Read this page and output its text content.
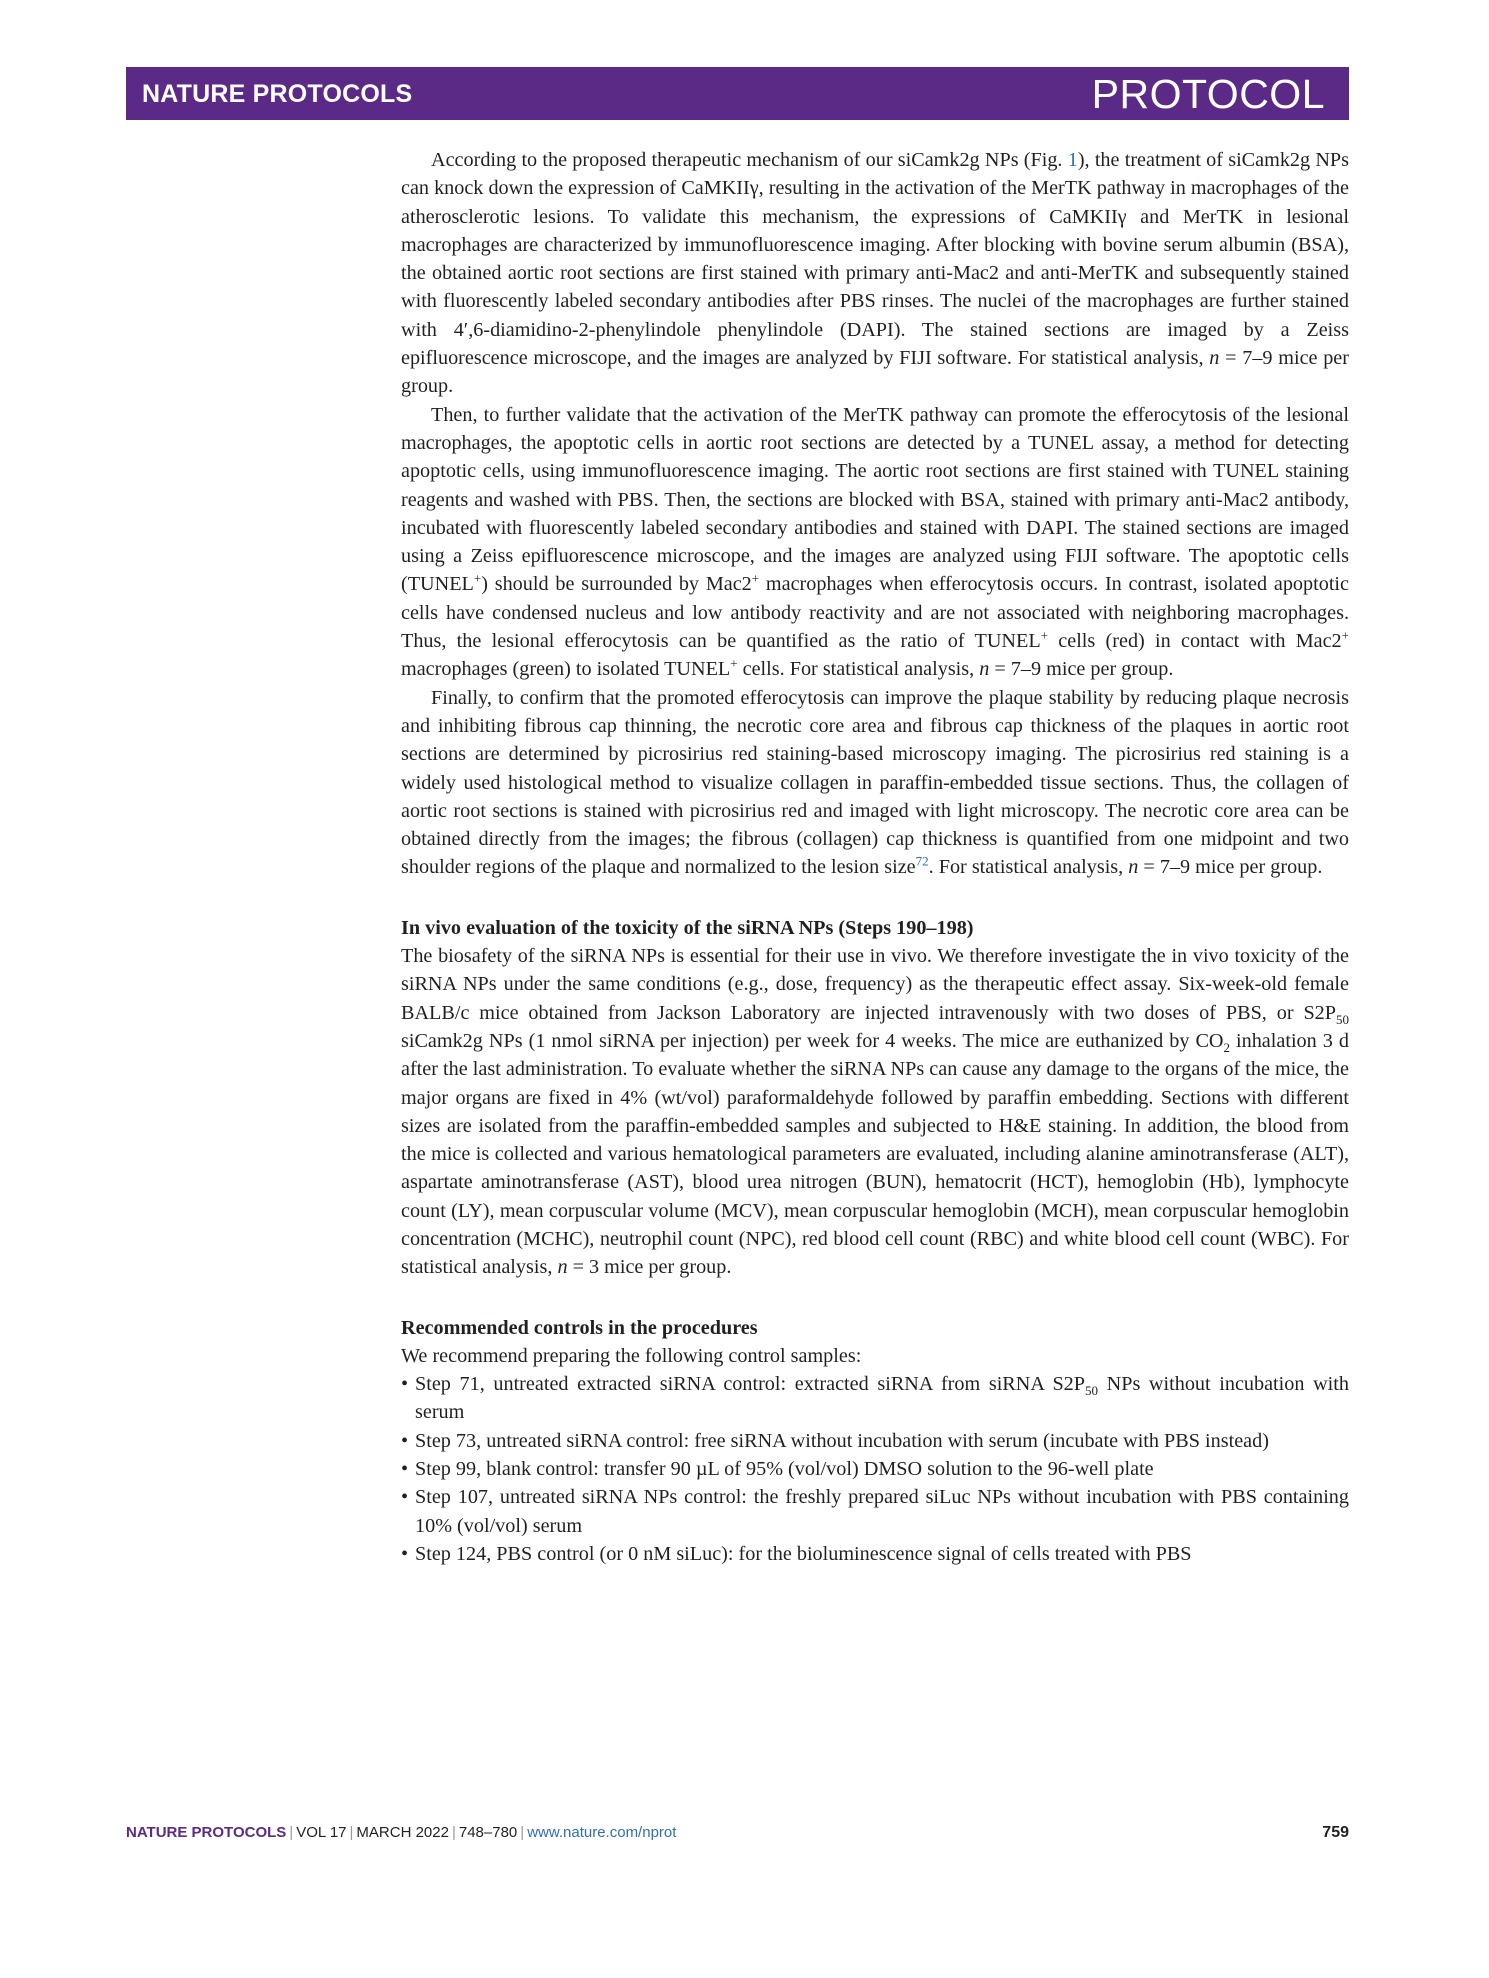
NATURE PROTOCOLS	PROTOCOL

According to the proposed therapeutic mechanism of our siCamk2g NPs (Fig. 1), the treatment of siCamk2g NPs can knock down the expression of CaMKIIγ, resulting in the activation of the MerTK pathway in macrophages of the atherosclerotic lesions. To validate this mechanism, the expressions of CaMKIIγ and MerTK in lesional macrophages are characterized by immunofluorescence imaging. After blocking with bovine serum albumin (BSA), the obtained aortic root sections are first stained with primary anti-Mac2 and anti-MerTK and subsequently stained with fluorescently labeled secondary antibodies after PBS rinses. The nuclei of the macrophages are further stained with 4′,6-diamidino-2-phenylindole phenylindole (DAPI). The stained sections are imaged by a Zeiss epifluorescence microscope, and the images are analyzed by FIJI software. For statistical analysis, n = 7–9 mice per group.

Then, to further validate that the activation of the MerTK pathway can promote the efferocytosis of the lesional macrophages, the apoptotic cells in aortic root sections are detected by a TUNEL assay, a method for detecting apoptotic cells, using immunofluorescence imaging. The aortic root sections are first stained with TUNEL staining reagents and washed with PBS. Then, the sections are blocked with BSA, stained with primary anti-Mac2 antibody, incubated with fluorescently labeled secondary antibodies and stained with DAPI. The stained sections are imaged using a Zeiss epifluorescence microscope, and the images are analyzed using FIJI software. The apoptotic cells (TUNEL+) should be surrounded by Mac2+ macrophages when efferocytosis occurs. In contrast, isolated apoptotic cells have condensed nucleus and low antibody reactivity and are not associated with neighboring macrophages. Thus, the lesional efferocytosis can be quantified as the ratio of TUNEL+ cells (red) in contact with Mac2+ macrophages (green) to isolated TUNEL+ cells. For statistical analysis, n = 7–9 mice per group.

Finally, to confirm that the promoted efferocytosis can improve the plaque stability by reducing plaque necrosis and inhibiting fibrous cap thinning, the necrotic core area and fibrous cap thickness of the plaques in aortic root sections are determined by picrosirius red staining-based microscopy imaging. The picrosirius red staining is a widely used histological method to visualize collagen in paraffin-embedded tissue sections. Thus, the collagen of aortic root sections is stained with picrosirius red and imaged with light microscopy. The necrotic core area can be obtained directly from the images; the fibrous (collagen) cap thickness is quantified from one midpoint and two shoulder regions of the plaque and normalized to the lesion size$^{72}$. For statistical analysis, n = 7–9 mice per group.

In vivo evaluation of the toxicity of the siRNA NPs (Steps 190–198)

The biosafety of the siRNA NPs is essential for their use in vivo. We therefore investigate the in vivo toxicity of the siRNA NPs under the same conditions (e.g., dose, frequency) as the therapeutic effect assay. Six-week-old female BALB/c mice obtained from Jackson Laboratory are injected intravenously with two doses of PBS, or $S2P_{50}$ siCamk2g NPs (1 nmol siRNA per injection) per week for 4 weeks. The mice are euthanized by $CO_2$ inhalation 3 d after the last administration. To evaluate whether the siRNA NPs can cause any damage to the organs of the mice, the major organs are fixed in 4% (wt/vol) paraformaldehyde followed by paraffin embedding. Sections with different sizes are isolated from the paraffin-embedded samples and subjected to H&E staining. In addition, the blood from the mice is collected and various hematological parameters are evaluated, including alanine aminotransferase (ALT), aspartate aminotransferase (AST), blood urea nitrogen (BUN), hematocrit (HCT), hemoglobin (Hb), lymphocyte count (LY), mean corpuscular volume (MCV), mean corpuscular hemoglobin (MCH), mean corpuscular hemoglobin concentration (MCHC), neutrophil count (NPC), red blood cell count (RBC) and white blood cell count (WBC). For statistical analysis, n = 3 mice per group.

Recommended controls in the procedures

We recommend preparing the following control samples:

• Step 71, untreated extracted siRNA control: extracted siRNA from siRNA $S2P_{50}$ NPs without incubation with serum
• Step 73, untreated siRNA control: free siRNA without incubation with serum (incubate with PBS instead)
• Step 99, blank control: transfer 90 µL of 95% (vol/vol) DMSO solution to the 96-well plate
• Step 107, untreated siRNA NPs control: the freshly prepared siLuc NPs without incubation with PBS containing 10% (vol/vol) serum
• Step 124, PBS control (or 0 nM siLuc): for the bioluminescence signal of cells treated with PBS
NATURE PROTOCOLS | VOL 17 | MARCH 2022 | 748–780 | www.nature.com/nprot	759
